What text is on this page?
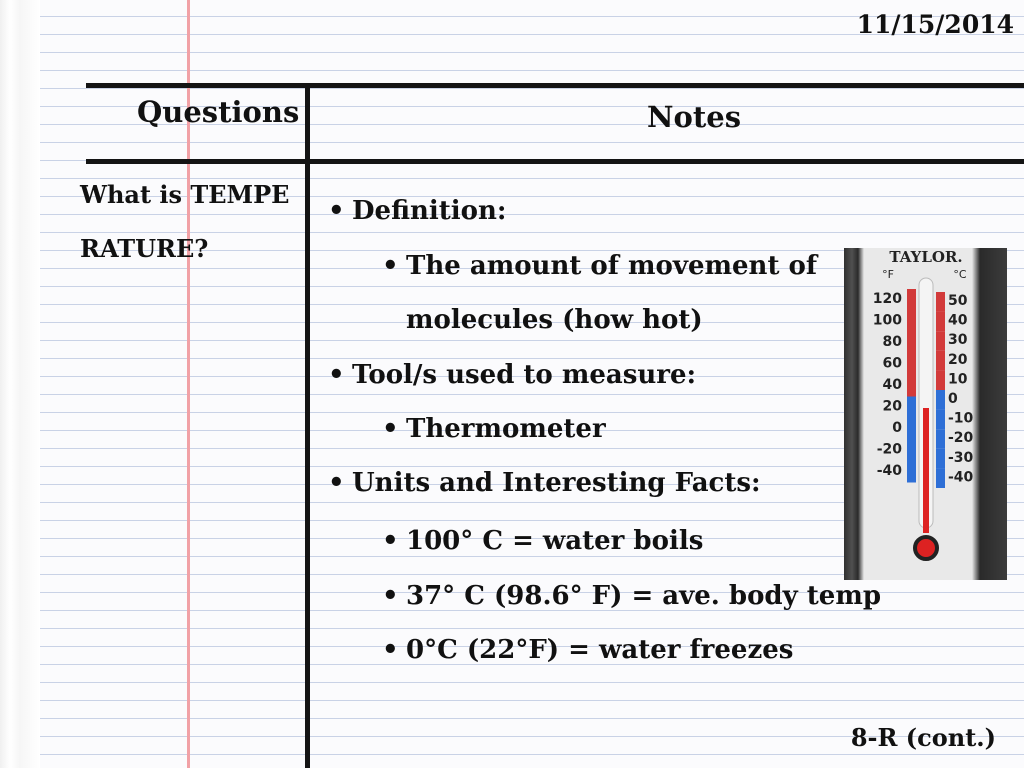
11/15/2014
Questions	Notes
What is TEMPERATURE?
• Definition:
• The amount of movement of
molecules (how hot)
• Tool/s used to measure:
• Thermometer
• Units and Interesting Facts:
• 100° C = water boils
• 37° C (98.6° F) = ave. body temp
• 0°C (22°F) = water freezes
TAYLOR.
°F	°C
120
100
80
60
40
20
0
-20
-40
50
40
30
20
10
0
-10
-20
-30
-40
8-R (cont.)
